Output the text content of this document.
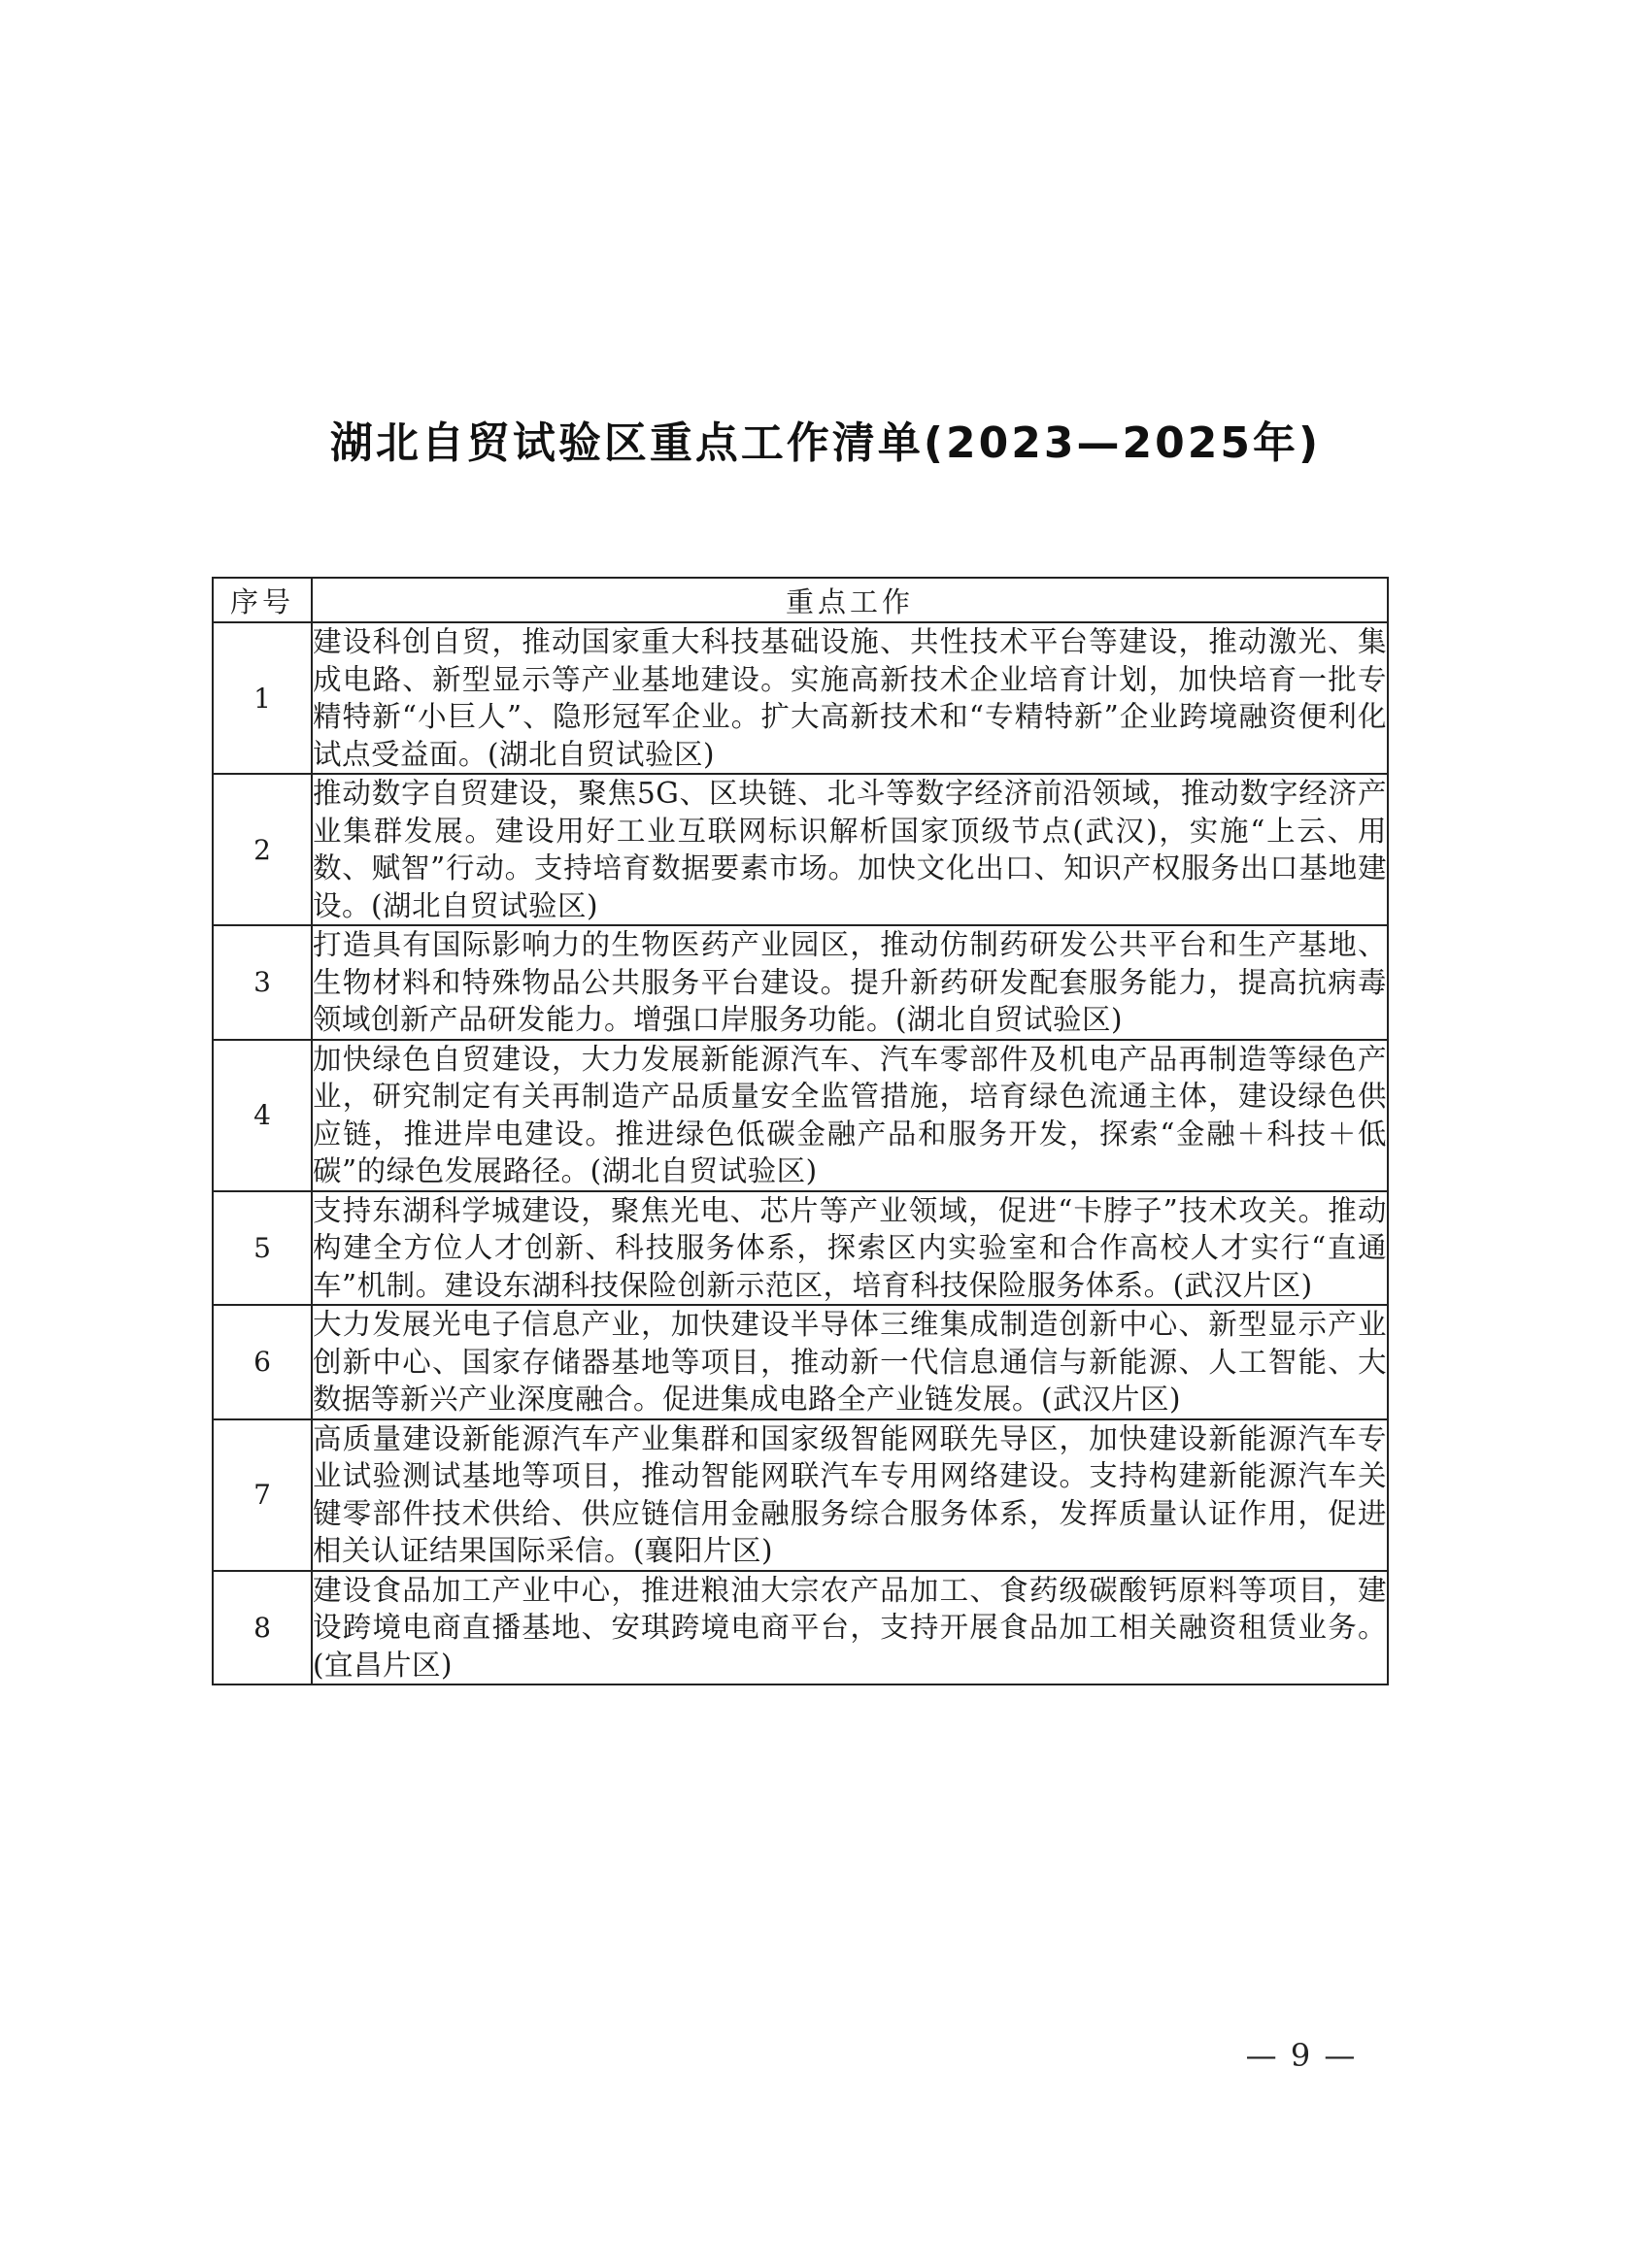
湖北自贸试验区重点工作清单(2023—2025年)
序号	重点工作
1	建设科创自贸，推动国家重大科技基础设施、共性技术平台等建设，推动激光、集成电路、新型显示等产业基地建设。实施高新技术企业培育计划，加快培育一批专精特新“小巨人”、隐形冠军企业。扩大高新技术和“专精特新”企业跨境融资便利化试点受益面。(湖北自贸试验区)
2	推动数字自贸建设，聚焦5G、区块链、北斗等数字经济前沿领域，推动数字经济产业集群发展。建设用好工业互联网标识解析国家顶级节点(武汉)，实施“上云、用数、赋智”行动。支持培育数据要素市场。加快文化出口、知识产权服务出口基地建设。(湖北自贸试验区)
3	打造具有国际影响力的生物医药产业园区，推动仿制药研发公共平台和生产基地、生物材料和特殊物品公共服务平台建设。提升新药研发配套服务能力，提高抗病毒领域创新产品研发能力。增强口岸服务功能。(湖北自贸试验区)
4	加快绿色自贸建设，大力发展新能源汽车、汽车零部件及机电产品再制造等绿色产业，研究制定有关再制造产品质量安全监管措施，培育绿色流通主体，建设绿色供应链，推进岸电建设。推进绿色低碳金融产品和服务开发，探索“金融＋科技＋低碳”的绿色发展路径。(湖北自贸试验区)
5	支持东湖科学城建设，聚焦光电、芯片等产业领域，促进“卡脖子”技术攻关。推动构建全方位人才创新、科技服务体系，探索区内实验室和合作高校人才实行“直通车”机制。建设东湖科技保险创新示范区，培育科技保险服务体系。(武汉片区)
6	大力发展光电子信息产业，加快建设半导体三维集成制造创新中心、新型显示产业创新中心、国家存储器基地等项目，推动新一代信息通信与新能源、人工智能、大数据等新兴产业深度融合。促进集成电路全产业链发展。(武汉片区)
7	高质量建设新能源汽车产业集群和国家级智能网联先导区，加快建设新能源汽车专业试验测试基地等项目，推动智能网联汽车专用网络建设。支持构建新能源汽车关键零部件技术供给、供应链信用金融服务综合服务体系，发挥质量认证作用，促进相关认证结果国际采信。(襄阳片区)
8	建设食品加工产业中心，推进粮油大宗农产品加工、食药级碳酸钙原料等项目，建设跨境电商直播基地、安琪跨境电商平台，支持开展食品加工相关融资租赁业务。(宜昌片区)
— 9 —
